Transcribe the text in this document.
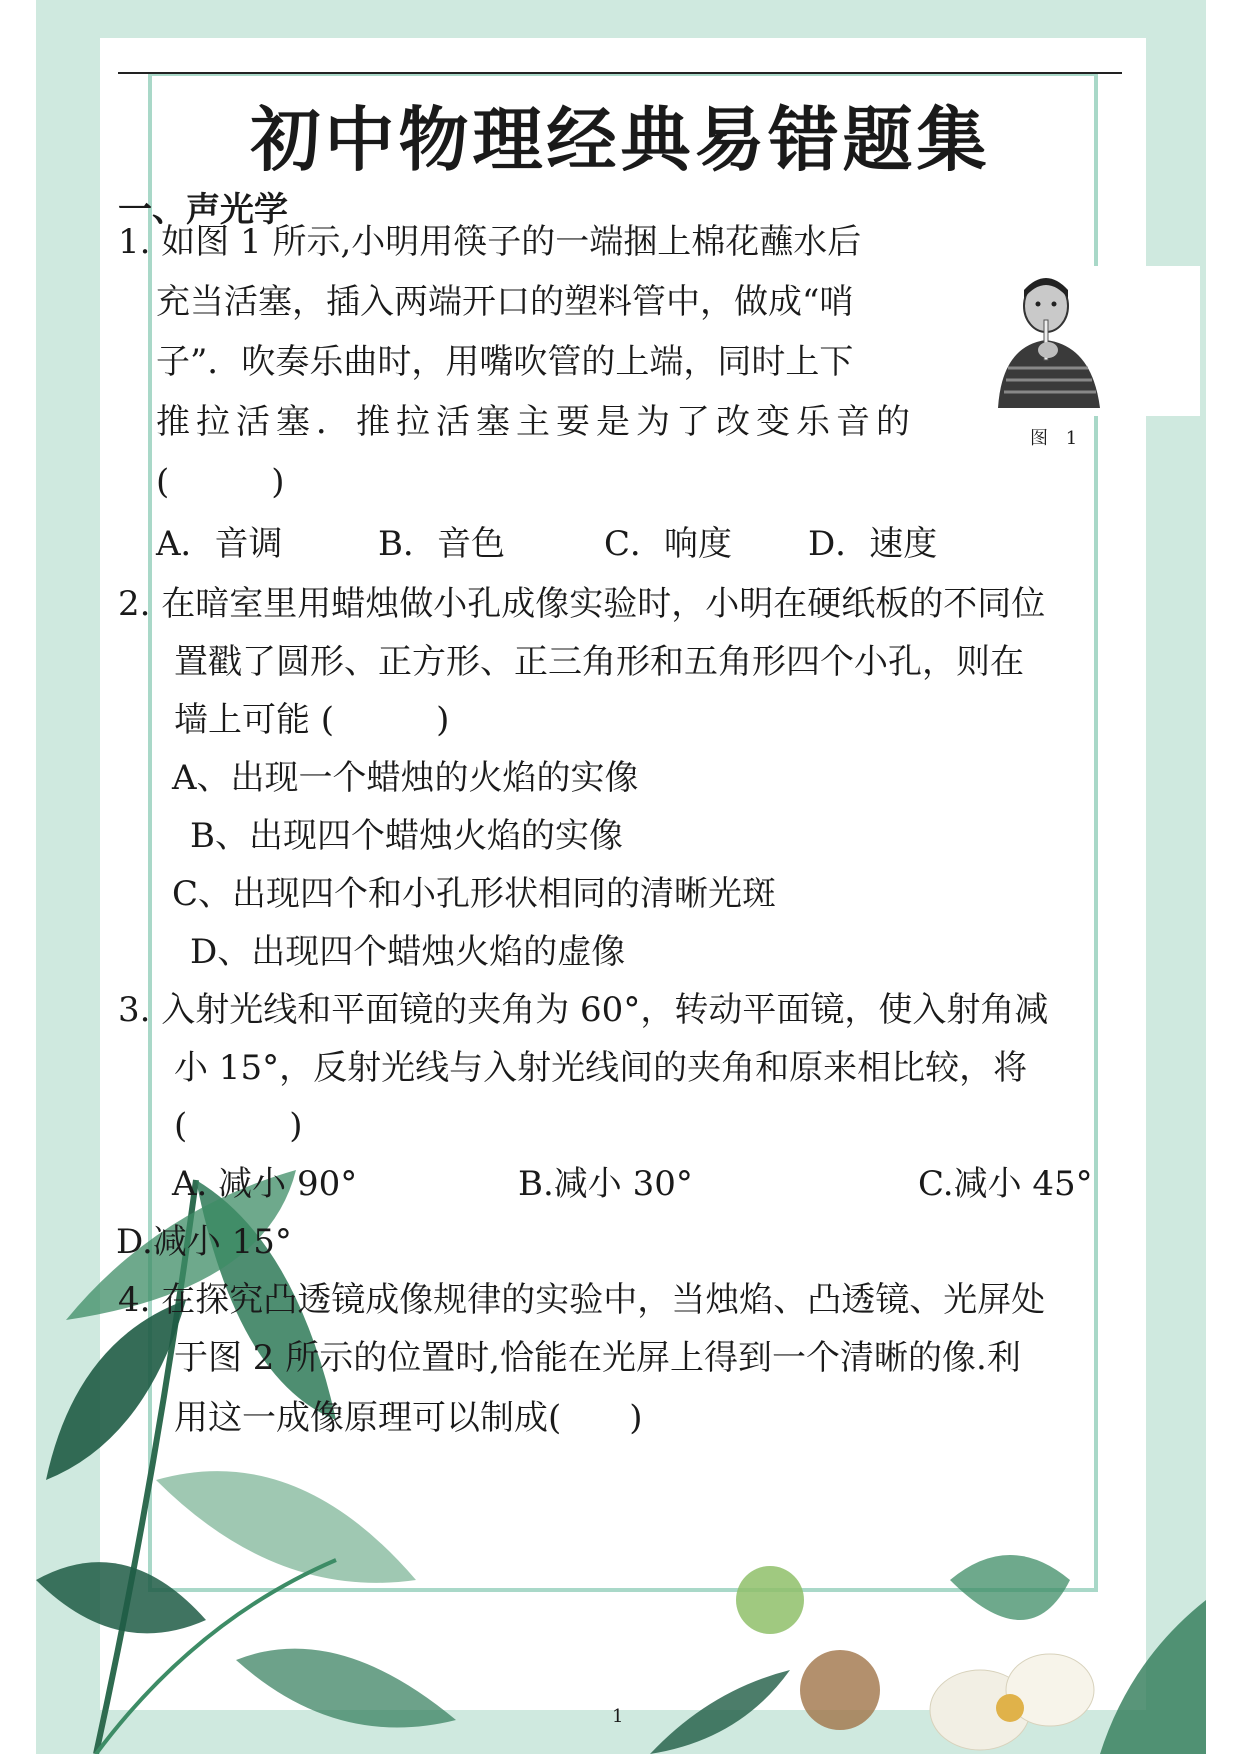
初中物理经典易错题集
一、声光学
1. 如图 1 所示,小明用筷子的一端捆上棉花蘸水后
充当活塞，插入两端开口的塑料管中，做成“哨
子”．吹奏乐曲时，用嘴吹管的上端，同时上下
推拉活塞．推拉活塞主要是为了改变乐音的
(　　　)
A．音调	B．音色	C．响度 D．速度
图 1
2. 在暗室里用蜡烛做小孔成像实验时，小明在硬纸板的不同位
置戳了圆形、正方形、正三角形和五角形四个小孔，则在
墙上可能 (　　　)
A、出现一个蜡烛的火焰的实像
B、出现四个蜡烛火焰的实像
C、出现四个和小孔形状相同的清晰光斑
D、出现四个蜡烛火焰的虚像
3. 入射光线和平面镜的夹角为 60°，转动平面镜，使入射角减
小 15°，反射光线与入射光线间的夹角和原来相比较，将
(　　　)
A. 减小 90°	B.减小 30°	C.减小 45°
D.减小 15°
4. 在探究凸透镜成像规律的实验中，当烛焰、凸透镜、光屏处
于图 2 所示的位置时,恰能在光屏上得到一个清晰的像.利
用这一成像原理可以制成(　　)
1
